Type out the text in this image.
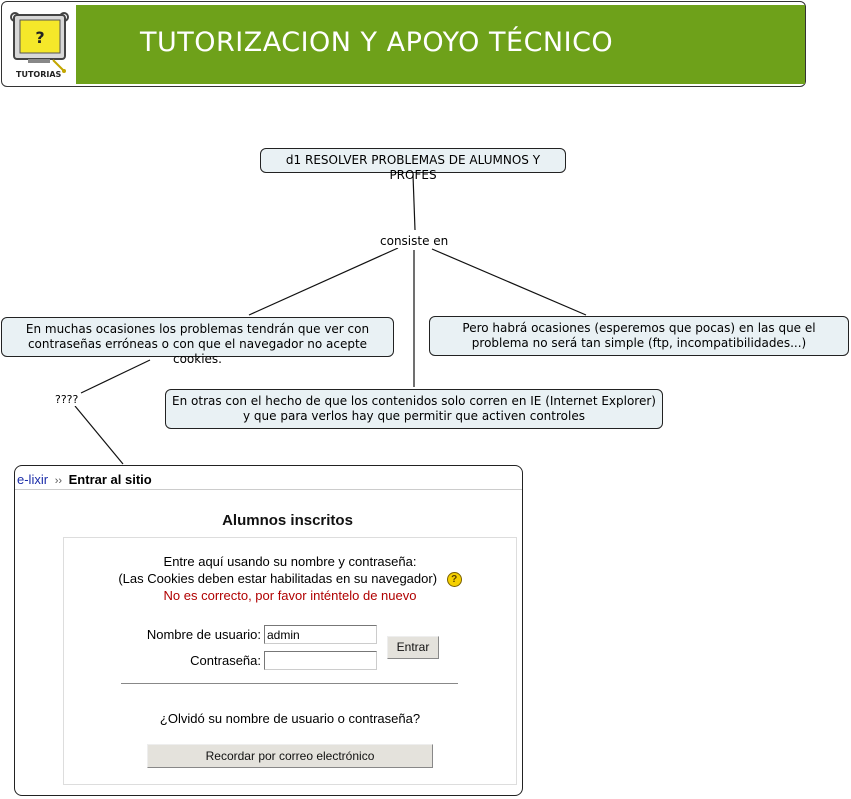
?
TUTORIAS
TUTORIZACION Y APOYO TÉCNICO
d1 RESOLVER PROBLEMAS DE ALUMNOS Y PROFES
consiste en
En muchas ocasiones los problemas tendrán que ver con contraseñas erróneas o con que el navegador no acepte cookies.
Pero habrá ocasiones (esperemos que pocas) en las que el problema no será tan simple (ftp, incompatibilidades...)
En otras con el hecho de que los contenidos solo corren en IE (Internet Explorer) y que para verlos hay que permitir que activen controles
????
e-lixir ›› Entrar al sitio
Alumnos inscritos
Entre aquí usando su nombre y contraseña:
(Las Cookies deben estar habilitadas en su navegador) ?
No es correcto, por favor inténtelo de nuevo
Nombre de usuario:
admin
Contraseña:
Entrar
¿Olvidó su nombre de usuario o contraseña?
Recordar por correo electrónico
